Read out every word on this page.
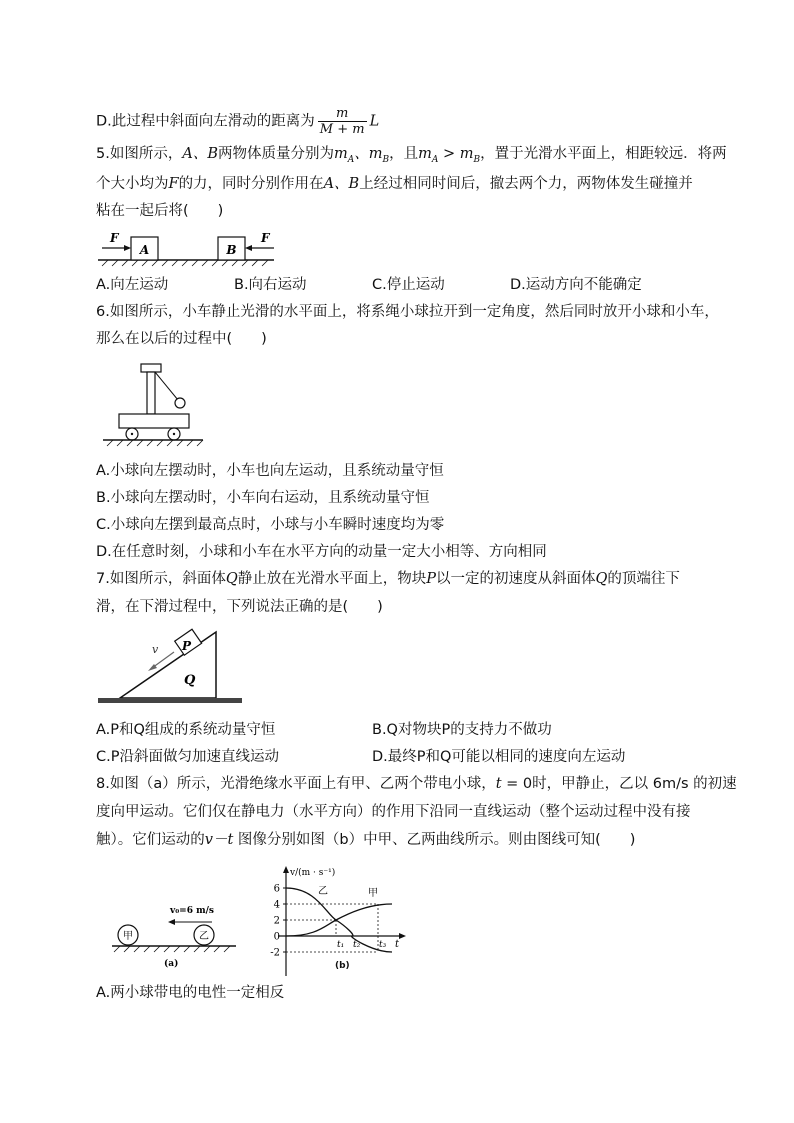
D.此过程中斜面向左滑动的距离为 $\frac{m}{M + m}$ L
5.如图所示，A、B两物体质量分别为$m_A$、$m_B$，且$m_A > m_B$，置于光滑水平面上，相距较远．将两
个大小均为F的力，同时分别作用在A、B上经过相同时间后，撤去两个力，两物体发生碰撞并
粘在一起后将(　　)
A	B
F	F
A.向左运动	B.向右运动	C.停止运动	D.运动方向不能确定
6.如图所示，小车静止光滑的水平面上，将系绳小球拉开到一定角度，然后同时放开小球和小车，
那么在以后的过程中(　　)
A.小球向左摆动时，小车也向左运动，且系统动量守恒
B.小球向左摆动时，小车向右运动，且系统动量守恒
C.小球向左摆到最高点时，小球与小车瞬时速度均为零
D.在任意时刻，小球和小车在水平方向的动量一定大小相等、方向相同
7.如图所示，斜面体Q静止放在光滑水平面上，物块P以一定的初速度从斜面体Q的顶端往下
滑，在下滑过程中，下列说法正确的是(　　)
Q
P
v
A.P和Q组成的系统动量守恒	B.Q对物块P的支持力不做功
C.P沿斜面做匀加速直线运动	D.最终P和Q可能以相同的速度向左运动
8.如图（a）所示，光滑绝缘水平面上有甲、乙两个带电小球，t = 0时，甲静止，乙以 6m/s 的初速
度向甲运动。它们仅在静电力（水平方向）的作用下沿同一直线运动（整个运动过程中没有接
触）。它们运动的v－t 图像分别如图（b）中甲、乙两曲线所示。则由图线可知(　　)
甲	乙
v₀=6 m/s
(a)
v/(m · s⁻¹)
t
6
4
2
0
-2
t₁ t₂ t₃
乙	甲
(b)
A.两小球带电的电性一定相反
